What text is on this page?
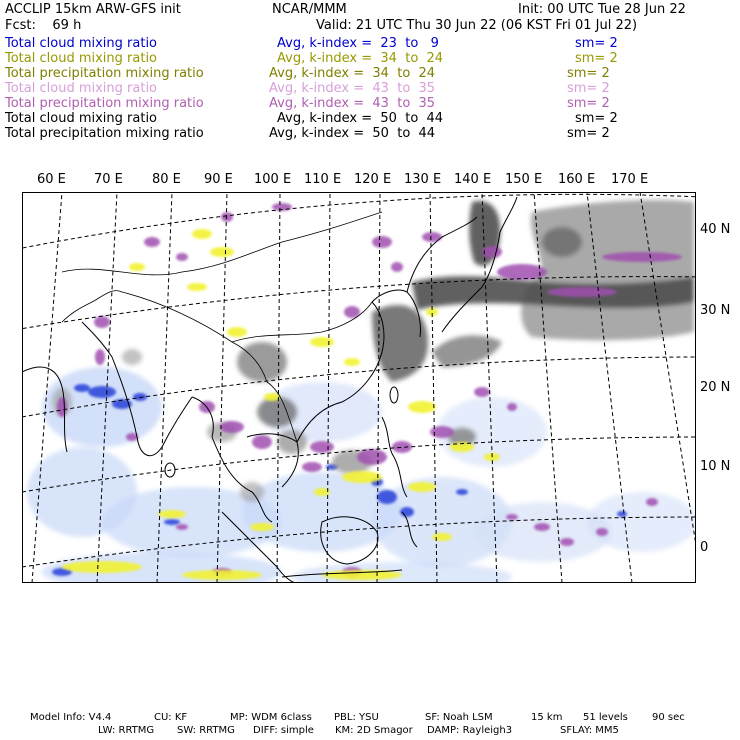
ACCLIP 15km ARW-GFS init	NCAR/MMM	Init: 00 UTC Tue 28 Jun 22
Fcst:    69 h	Valid: 21 UTC Thu 30 Jun 22 (06 KST Fri 01 Jul 22)

Total cloud mixing ratio

	Avg, k-index =  23  to   9

	sm= 2

Total cloud mixing ratio

	Avg, k-index =  34  to  24

	sm= 2

Total precipitation mixing ratio

	Avg, k-index =  34  to  24

	sm= 2

Total cloud mixing ratio

	Avg, k-index =  43  to  35

	sm= 2

Total precipitation mixing ratio

	Avg, k-index =  43  to  35

	sm= 2

Total cloud mixing ratio

	Avg, k-index =  50  to  44

	sm= 2

Total precipitation mixing ratio

	Avg, k-index =  50  to  44

	sm= 2

60 E 70 E 80 E 90 E 100 E 110 E 120 E 130 E 140 E 150 E 160 E 170 E
40 N
30 N
20 N
10 N
0
Model Info: V4.4	CU: KF	MP: WDM 6class PBL: YSU	SF: Noah LSM	15 km 51 levels 90 sec
LW: RRTMG SW: RRTMG DIFF: simple KM: 2D Smagor DAMP: Rayleigh3	SFLAY: MM5
